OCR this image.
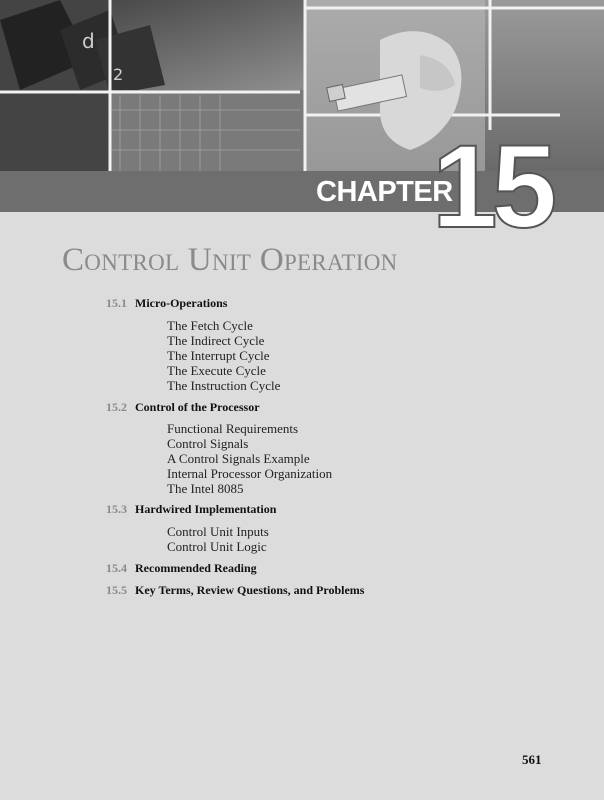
d
2
CHAPTER
15
Control Unit Operation
15.1 Micro-Operations
The Fetch Cycle
The Indirect Cycle
The Interrupt Cycle
The Execute Cycle
The Instruction Cycle
15.2 Control of the Processor
Functional Requirements
Control Signals
A Control Signals Example
Internal Processor Organization
The Intel 8085
15.3 Hardwired Implementation
Control Unit Inputs
Control Unit Logic
15.4 Recommended Reading
15.5 Key Terms, Review Questions, and Problems
561
